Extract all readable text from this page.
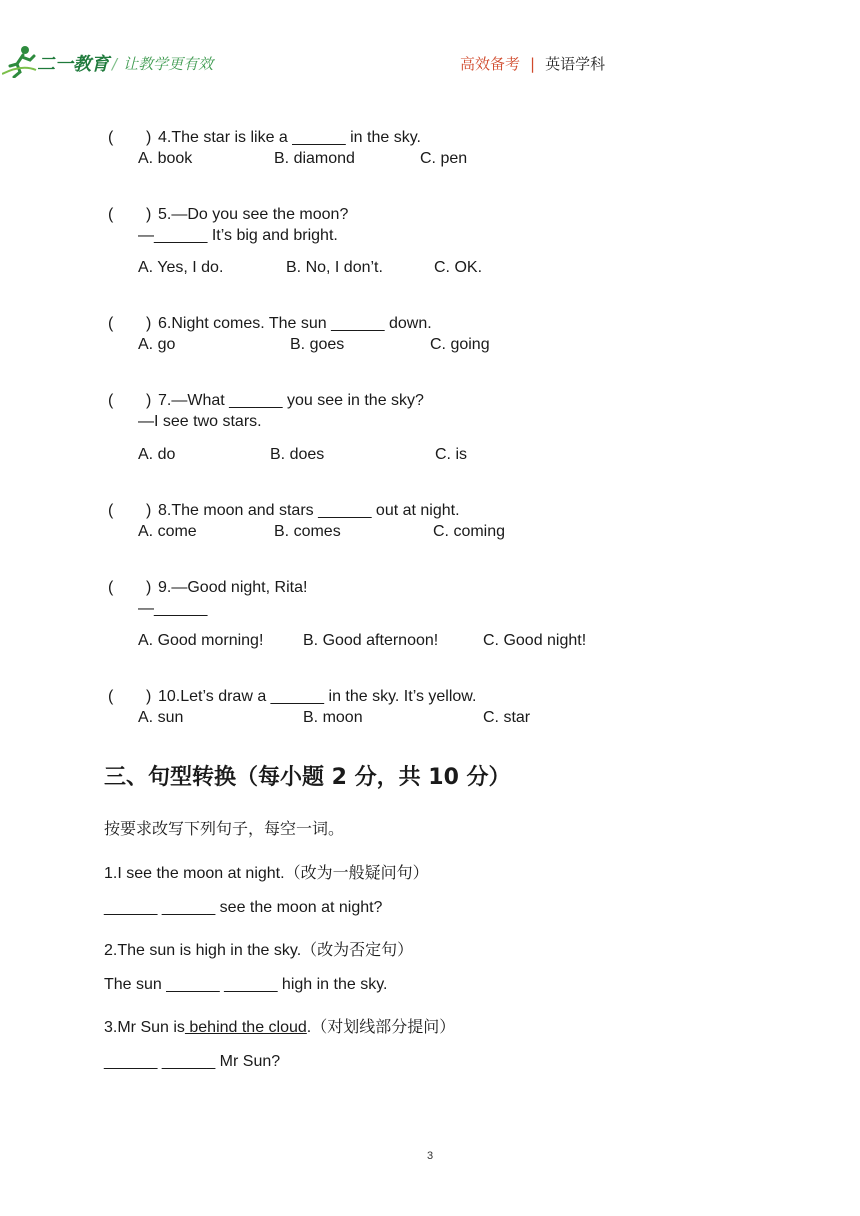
二一教育 / 让教学更有效	高效备考 | 英语学科

( ) 4.The star is like a ______ in the sky.

A. book	B. diamond	C. pen

( ) 5.—Do you see the moon?

—______ It’s big and bright.
A. Yes, I do.	B. No, I don’t.	C. OK.

( ) 6.Night comes. The sun ______ down.

A. go	B. goes	C. going

( ) 7.—What ______ you see in the sky?

—I see two stars.
A. do	B. does	C. is

( ) 8.The moon and stars ______ out at night.

A. come	B. comes	C. coming

( ) 9.—Good night, Rita!

—______
A. Good morning! B. Good afternoon!	C. Good night!

( ) 10.Let’s draw a ______ in the sky. It’s yellow.

A. sun	B. moon	C. star
三、句型转换（每小题 2 分，共 10 分）
按要求改写下列句子，每空一词。
1.I see the moon at night.（改为一般疑问句）
______ ______ see the moon at night?
2.The sun is high in the sky.（改为否定句）
The sun ______ ______ high in the sky.
3.Mr Sun is behind the cloud.（对划线部分提问）
______ ______ Mr Sun?
3
